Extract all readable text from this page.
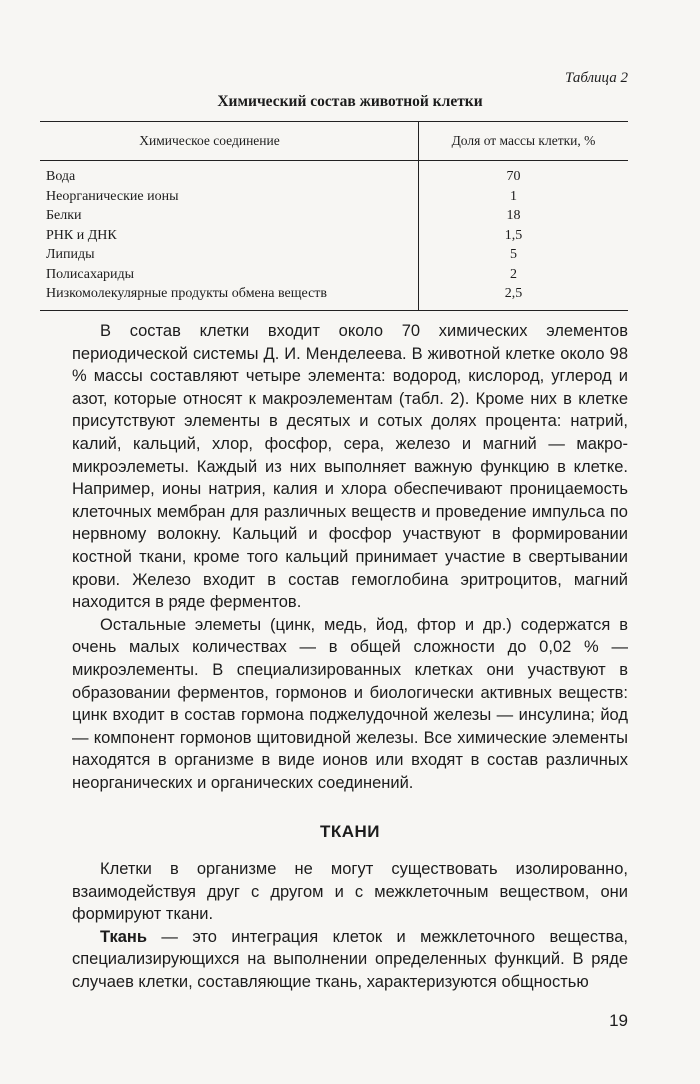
Таблица 2
Химический состав животной клетки
Химическое соединение	Доля от массы клетки, %
Вода	70
Неорганические ионы	1
Белки	18
РНК и ДНК	1,5
Липиды	5
Полисахариды	2
Низкомолекулярные продукты обмена веществ	2,5

В состав клетки входит около 70 химических элементов периодической системы Д. И. Менделеева. В животной клетке около 98 % массы составляют четыре элемента: водород, кислород, углерод и азот, которые относят к макроэлементам (табл. 2). Кроме них в клетке присутствуют элементы в десятых и сотых долях процента: натрий, калий, кальций, хлор, фосфор, сера, железо и магний — макро-микроэлеметы. Каждый из них выполняет важную функцию в клетке. Например, ионы натрия, калия и хлора обеспечивают проницаемость клеточных мембран для различных веществ и проведение импульса по нервному волокну. Кальций и фосфор участвуют в формировании костной ткани, кроме того кальций принимает участие в свертывании крови. Железо входит в состав гемоглобина эритроцитов, магний находится в ряде ферментов.

Остальные элеметы (цинк, медь, йод, фтор и др.) содержатся в очень малых количествах — в общей сложности до 0,02 % — микроэлементы. В специализированных клетках они участвуют в образовании ферментов, гормонов и биологически активных веществ: цинк входит в состав гормона поджелудочной железы — инсулина; йод — компонент гормонов щитовидной железы. Все химические элементы находятся в организме в виде ионов или входят в состав различных неорганических и органических соединений.

ТКАНИ

Клетки в организме не могут существовать изолированно, взаимодействуя друг с другом и с межклеточным веществом, они формируют ткани.

Ткань — это интеграция клеток и межклеточного вещества, специализирующихся на выполнении определенных функций. В ряде случаев клетки, составляющие ткань, характеризуются общностью

19
